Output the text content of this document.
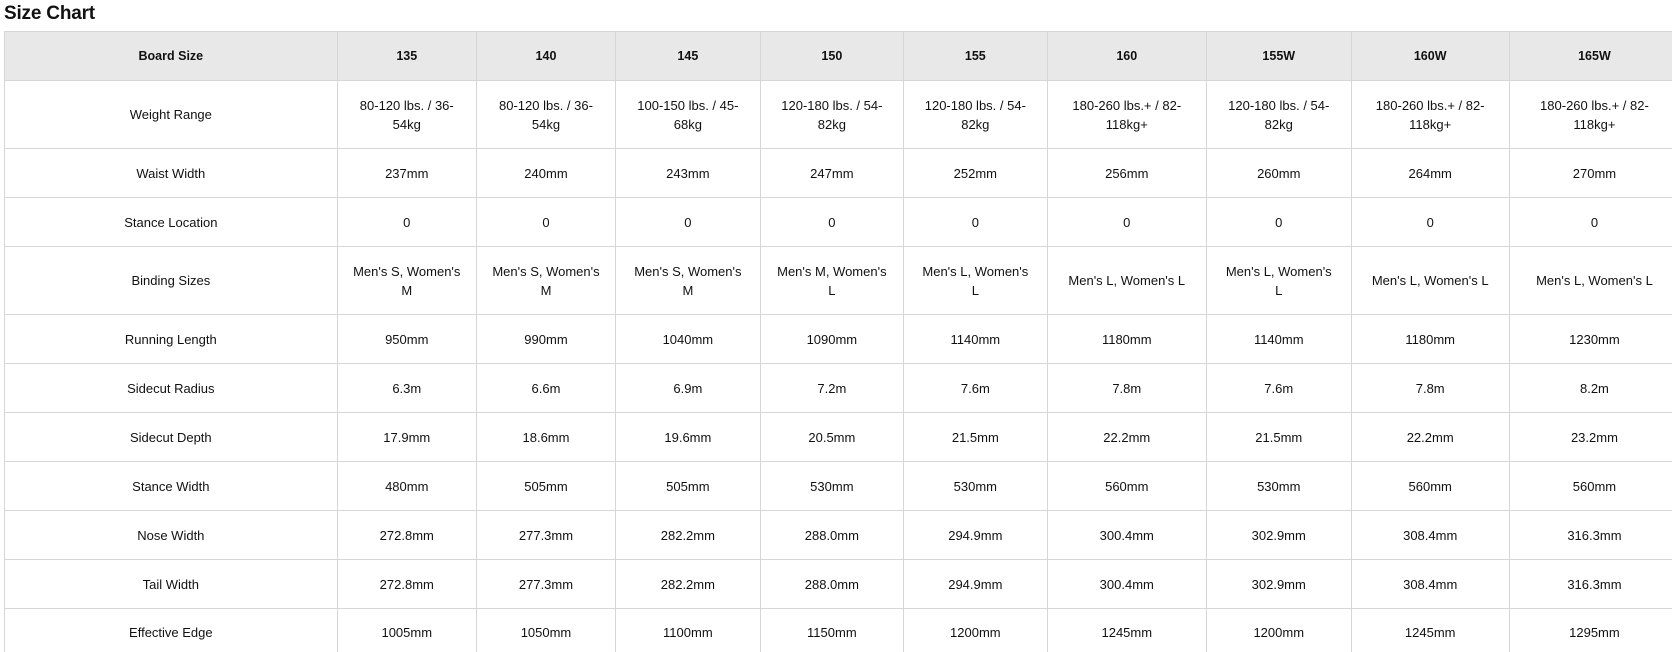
Size Chart
Board Size	135	140	145	150	155	160	155W	160W	165W
Weight Range	80-120 lbs. / 36-54kg	80-120 lbs. / 36-54kg	100-150 lbs. / 45-68kg	120-180 lbs. / 54-82kg	120-180 lbs. / 54-82kg	180-260 lbs.+ / 82-118kg+	120-180 lbs. / 54-82kg	180-260 lbs.+ / 82-118kg+	180-260 lbs.+ / 82-118kg+
Waist Width	237mm	240mm	243mm	247mm	252mm	256mm	260mm	264mm	270mm
Stance Location	0	0	0	0	0	0	0	0	0
Binding Sizes	Men's S, Women's M	Men's S, Women's M	Men's S, Women's M	Men's M, Women's L	Men's L, Women's L	Men's L, Women's L	Men's L, Women's L	Men's L, Women's L	Men's L, Women's L
Running Length	950mm	990mm	1040mm	1090mm	1140mm	1180mm	1140mm	1180mm	1230mm
Sidecut Radius	6.3m	6.6m	6.9m	7.2m	7.6m	7.8m	7.6m	7.8m	8.2m
Sidecut Depth	17.9mm	18.6mm	19.6mm	20.5mm	21.5mm	22.2mm	21.5mm	22.2mm	23.2mm
Stance Width	480mm	505mm	505mm	530mm	530mm	560mm	530mm	560mm	560mm
Nose Width	272.8mm	277.3mm	282.2mm	288.0mm	294.9mm	300.4mm	302.9mm	308.4mm	316.3mm
Tail Width	272.8mm	277.3mm	282.2mm	288.0mm	294.9mm	300.4mm	302.9mm	308.4mm	316.3mm
Effective Edge	1005mm	1050mm	1100mm	1150mm	1200mm	1245mm	1200mm	1245mm	1295mm
